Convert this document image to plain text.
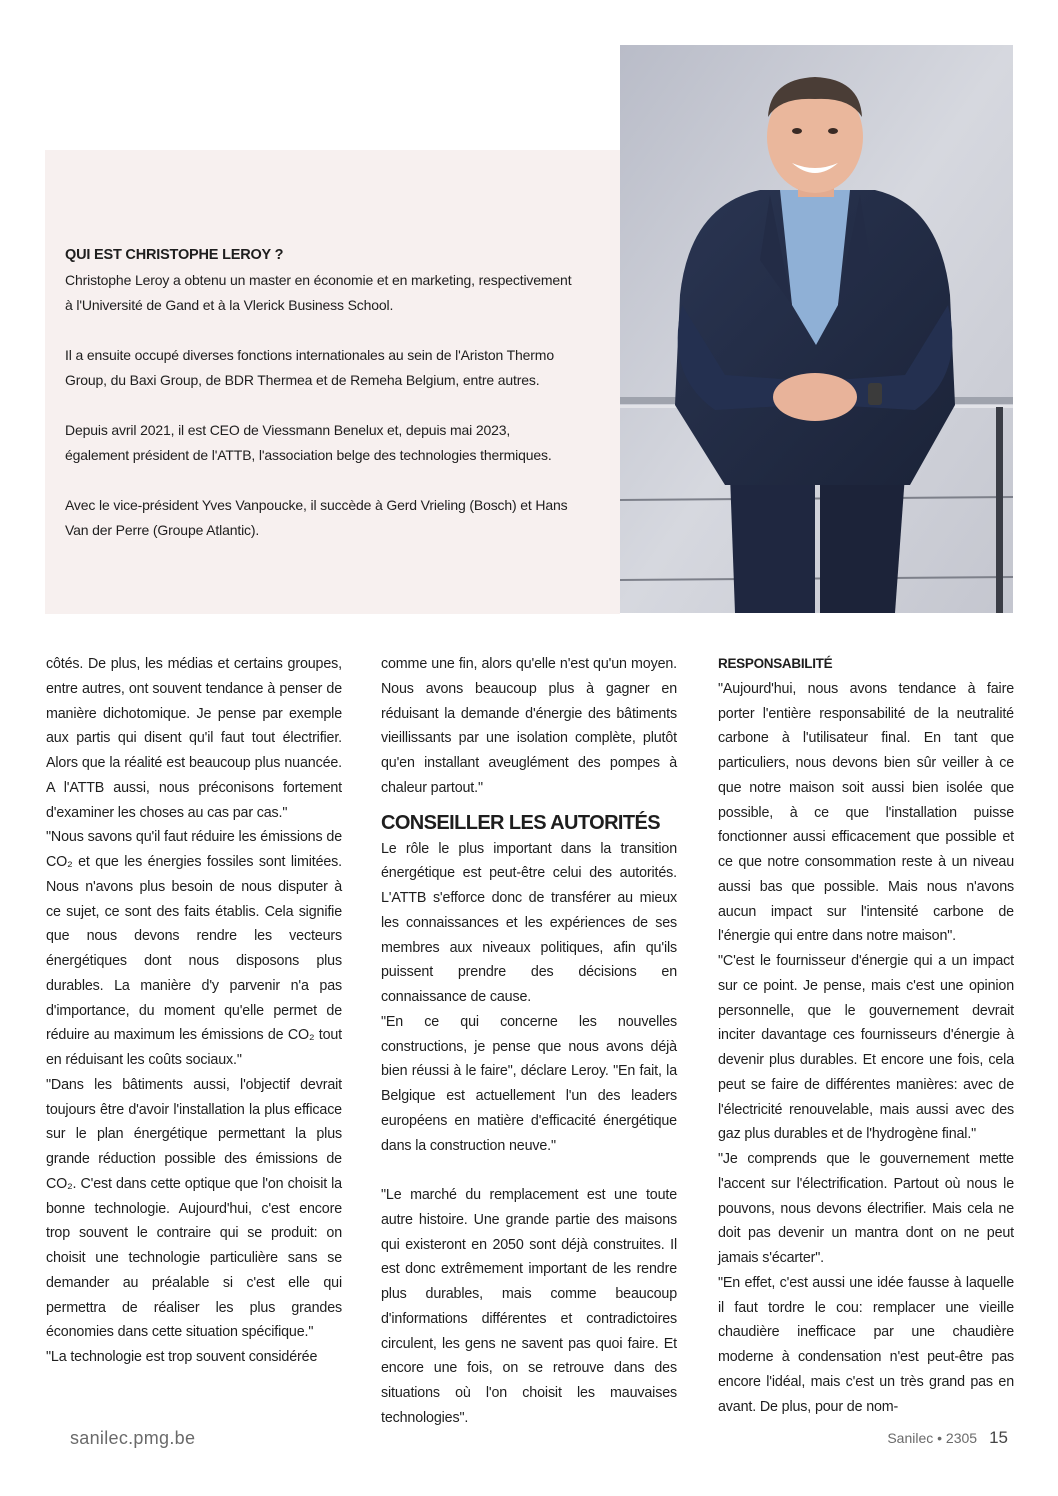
QUI EST CHRISTOPHE LEROY ?

Christophe Leroy a obtenu un master en économie et en marketing, respectivement à l'Université de Gand et à la Vlerick Business School.

Il a ensuite occupé diverses fonctions internationales au sein de l'Ariston Thermo Group, du Baxi Group, de BDR Thermea et de Remeha Belgium, entre autres.

Depuis avril 2021, il est CEO de Viessmann Benelux et, depuis mai 2023, également président de l'ATTB, l'association belge des technologies thermiques.

Avec le vice-président Yves Vanpoucke, il succède à Gerd Vrieling (Bosch) et Hans Van der Perre (Groupe Atlantic).

côtés. De plus, les médias et certains groupes, entre autres, ont souvent tendance à penser de manière dichotomique. Je pense par exemple aux partis qui disent qu'il faut tout électrifier. Alors que la réalité est beaucoup plus nuancée. A l'ATTB aussi, nous préconisons fortement d'examiner les choses au cas par cas."

"Nous savons qu'il faut réduire les émissions de CO₂ et que les énergies fossiles sont limitées. Nous n'avons plus besoin de nous disputer à ce sujet, ce sont des faits établis. Cela signifie que nous devons rendre les vecteurs énergétiques dont nous disposons plus durables. La manière d'y parvenir n'a pas d'importance, du moment qu'elle permet de réduire au maximum les émissions de CO₂ tout en réduisant les coûts sociaux."

"Dans les bâtiments aussi, l'objectif devrait toujours être d'avoir l'installation la plus efficace sur le plan énergétique permettant la plus grande réduction possible des émissions de CO₂. C'est dans cette optique que l'on choisit la bonne technologie. Aujourd'hui, c'est encore trop souvent le contraire qui se produit: on choisit une technologie particulière sans se demander au préalable si c'est elle qui permettra de réaliser les plus grandes économies dans cette situation spécifique."

"La technologie est trop souvent considérée

comme une fin, alors qu'elle n'est qu'un moyen. Nous avons beaucoup plus à gagner en réduisant la demande d'énergie des bâtiments vieillissants par une isolation complète, plutôt qu'en installant aveuglément des pompes à chaleur partout."

CONSEILLER LES AUTORITÉS

Le rôle le plus important dans la transition énergétique est peut-être celui des autorités. L'ATTB s'efforce donc de transférer au mieux les connaissances et les expériences de ses membres aux niveaux politiques, afin qu'ils puissent prendre des décisions en connaissance de cause.

"En ce qui concerne les nouvelles constructions, je pense que nous avons déjà bien réussi à le faire", déclare Leroy. "En fait, la Belgique est actuellement l'un des leaders européens en matière d'efficacité énergétique dans la construction neuve."

"Le marché du remplacement est une toute autre histoire. Une grande partie des maisons qui existeront en 2050 sont déjà construites. Il est donc extrêmement important de les rendre plus durables, mais comme beaucoup d'informations différentes et contradictoires circulent, les gens ne savent pas quoi faire. Et encore une fois, on se retrouve dans des situations où l'on choisit les mauvaises technologies".

RESPONSABILITÉ

"Aujourd'hui, nous avons tendance à faire porter l'entière responsabilité de la neutralité carbone à l'utilisateur final. En tant que particuliers, nous devons bien sûr veiller à ce que notre maison soit aussi bien isolée que possible, à ce que l'installation puisse fonctionner aussi efficacement que possible et ce que notre consommation reste à un niveau aussi bas que possible. Mais nous n'avons aucun impact sur l'intensité carbone de l'énergie qui entre dans notre maison".

"C'est le fournisseur d'énergie qui a un impact sur ce point. Je pense, mais c'est une opinion personnelle, que le gouvernement devrait inciter davantage ces fournisseurs d'énergie à devenir plus durables. Et encore une fois, cela peut se faire de différentes manières: avec de l'électricité renouvelable, mais aussi avec des gaz plus durables et de l'hydrogène final."

"Je comprends que le gouvernement mette l'accent sur l'électrification. Partout où nous le pouvons, nous devons électrifier. Mais cela ne doit pas devenir un mantra dont on ne peut jamais s'écarter".

"En effet, c'est aussi une idée fausse à laquelle il faut tordre le cou: remplacer une vieille chaudière inefficace par une chaudière moderne à condensation n'est peut-être pas encore l'idéal, mais c'est un très grand pas en avant. De plus, pour de nom-

sanilec.pmg.be	Sanilec • 2305 15
